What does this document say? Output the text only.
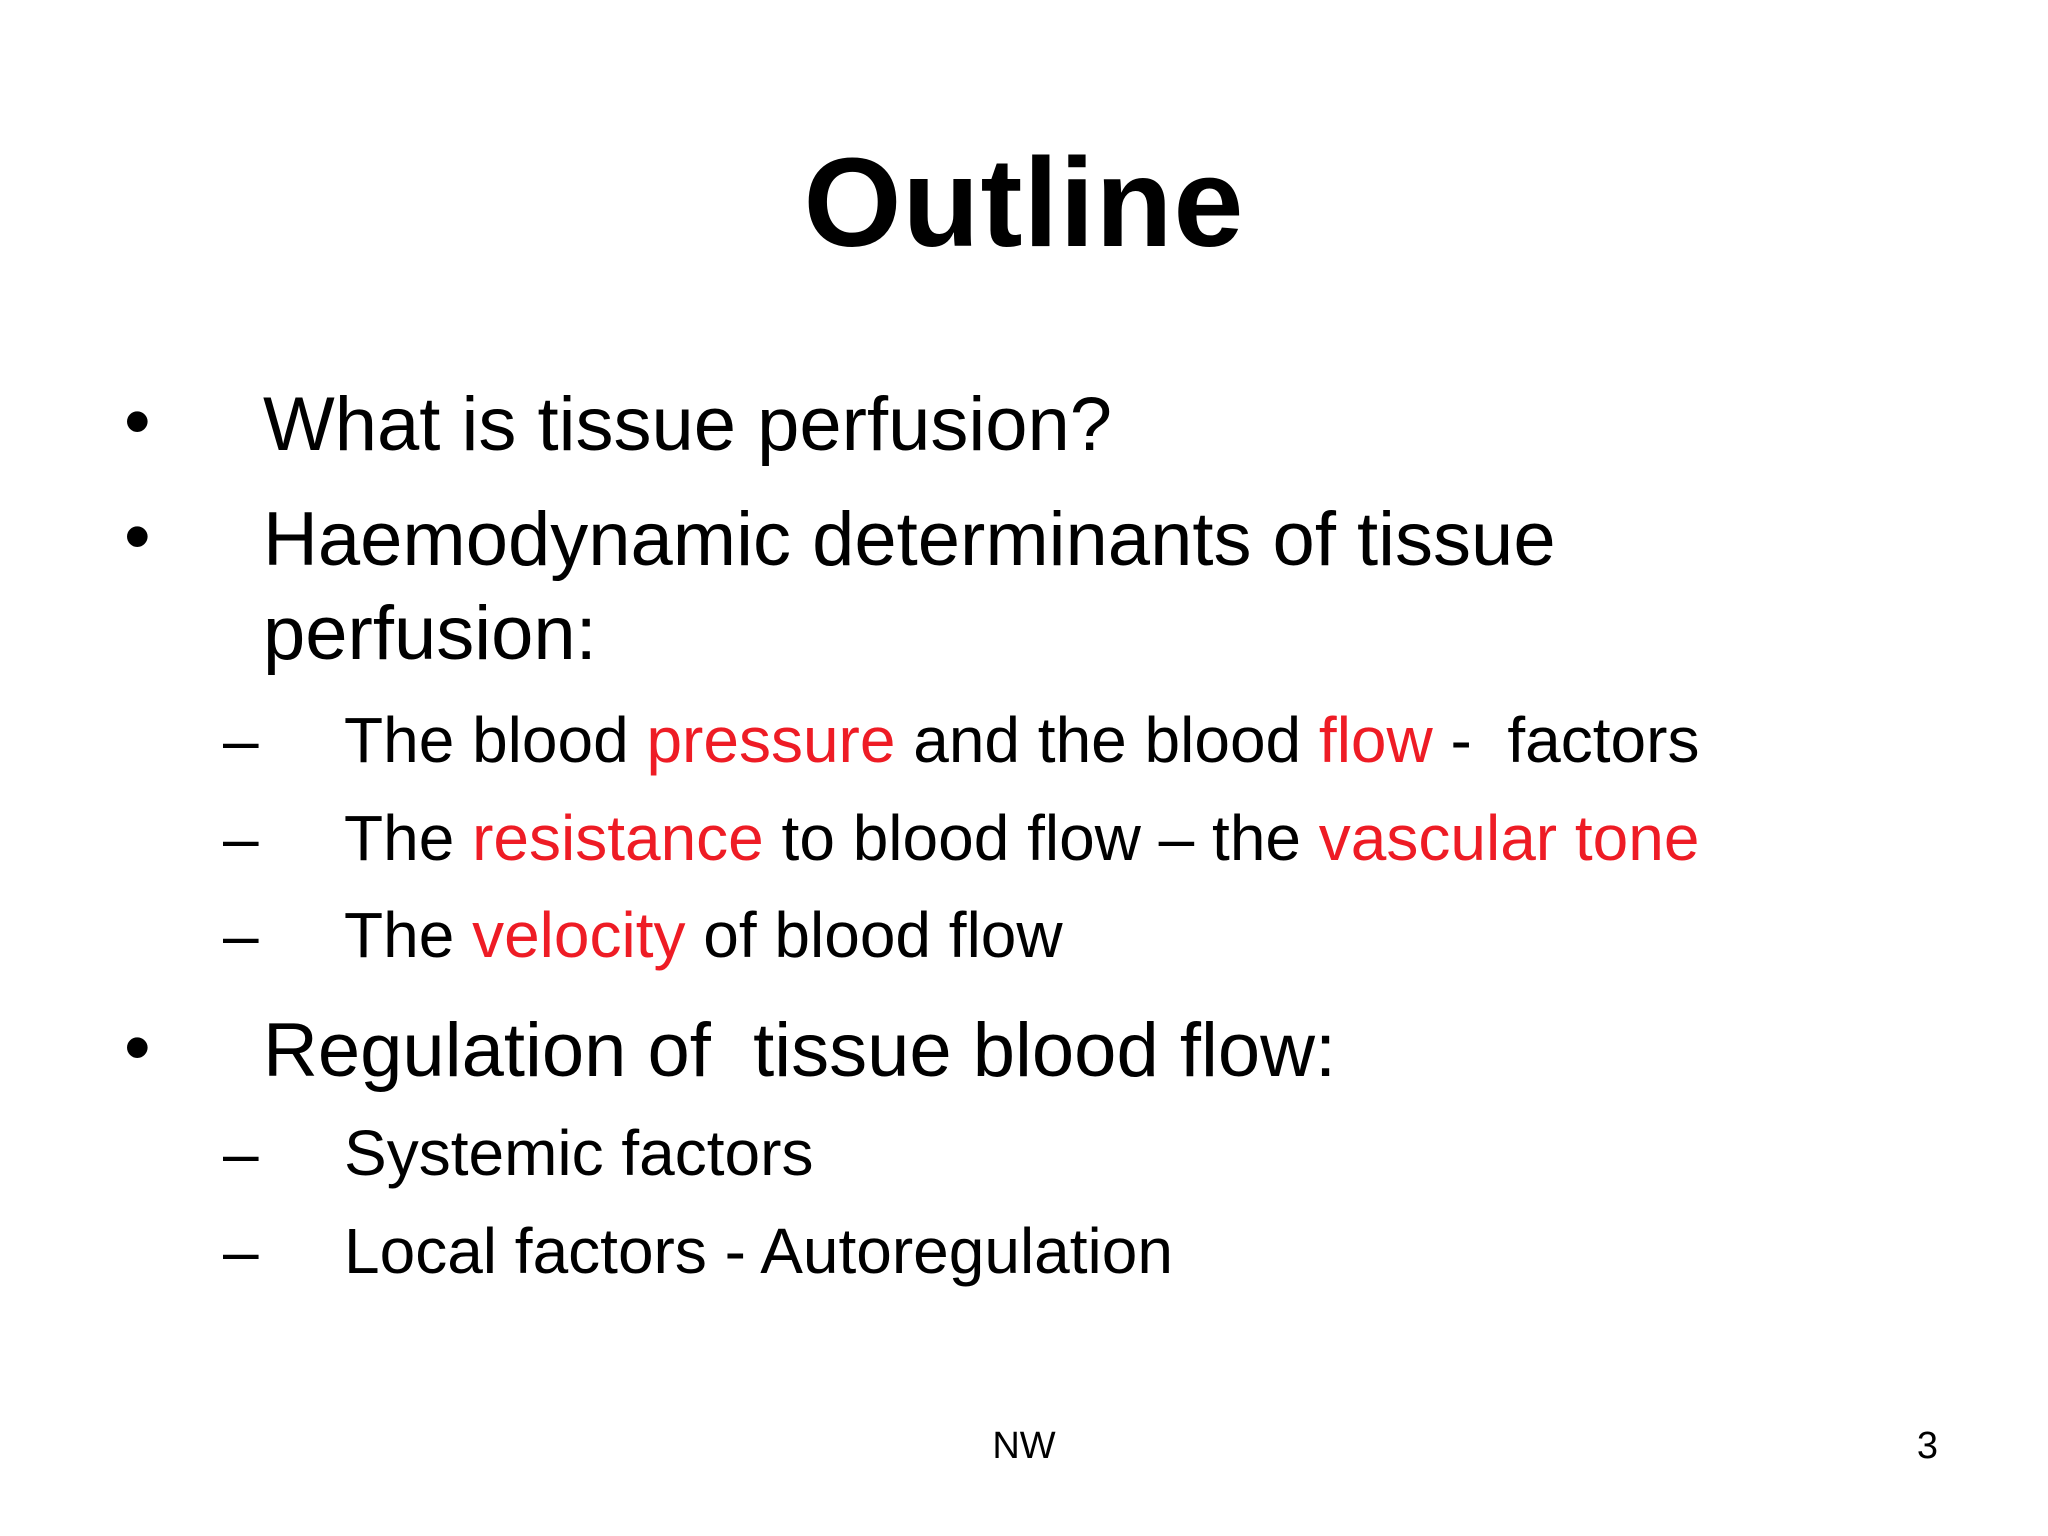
Outline
• What is tissue perfusion?
• Haemodynamic determinants of tissue perfusion:
– The blood pressure and the blood flow -  factors
– The resistance to blood flow – the vascular tone
– The velocity of blood flow
• Regulation of  tissue blood flow:
– Systemic factors
– Local factors - Autoregulation
NW	3
